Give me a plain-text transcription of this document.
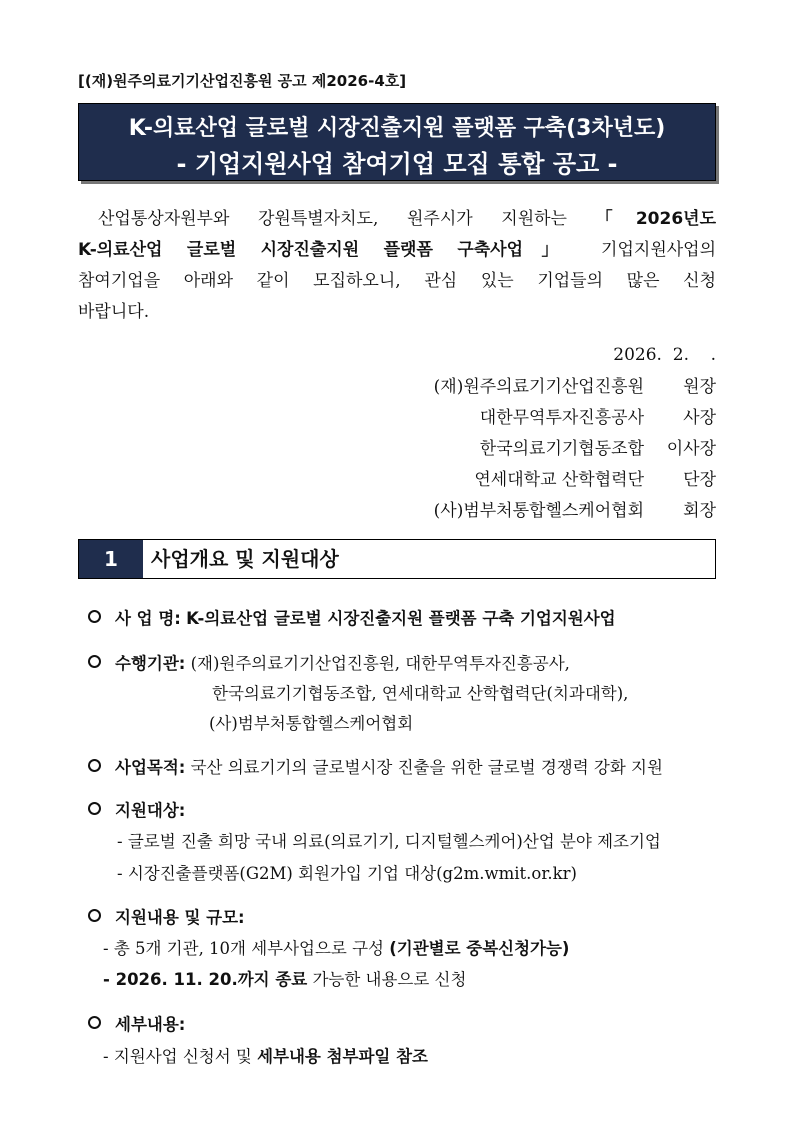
[(재)원주의료기기산업진흥원 공고 제2026-4호]
K-의료산업 글로벌 시장진출지원 플랫폼 구축(3차년도)
- 기업지원사업 참여기업 모집 통합 공고 -
산업통상자원부와 강원특별자치도, 원주시가 지원하는 「2026년도
K-의료산업 글로벌 시장진출지원 플랫폼 구축사업」 기업지원사업의
참여기업을 아래와 같이 모집하오니, 관심 있는 기업들의 많은 신청
바랍니다.
2026.  2.    .
(재)원주의료기기산업진흥원	원장
대한무역투자진흥공사	사장
한국의료기기협동조합	이사장
연세대학교 산학협력단	단장
(사)범부처통합헬스케어협회	회장
1	사업개요 및 지원대상
사 업 명: K-의료산업 글로벌 시장진출지원 플랫폼 구축 기업지원사업
수행기관: (재)원주의료기기산업진흥원, 대한무역투자진흥공사,
한국의료기기협동조합, 연세대학교 산학협력단(치과대학),
(사)범부처통합헬스케어협회
사업목적: 국산 의료기기의 글로벌시장 진출을 위한 글로벌 경쟁력 강화 지원
지원대상:
- 글로벌 진출 희망 국내 의료(의료기기, 디지털헬스케어)산업 분야 제조기업
- 시장진출플랫폼(G2M) 회원가입 기업 대상(g2m.wmit.or.kr)
지원내용 및 규모:
- 총 5개 기관, 10개 세부사업으로 구성 (기관별로 중복신청가능)
- 2026. 11. 20.까지 종료 가능한 내용으로 신청
세부내용:
- 지원사업 신청서 및 세부내용 첨부파일 참조
